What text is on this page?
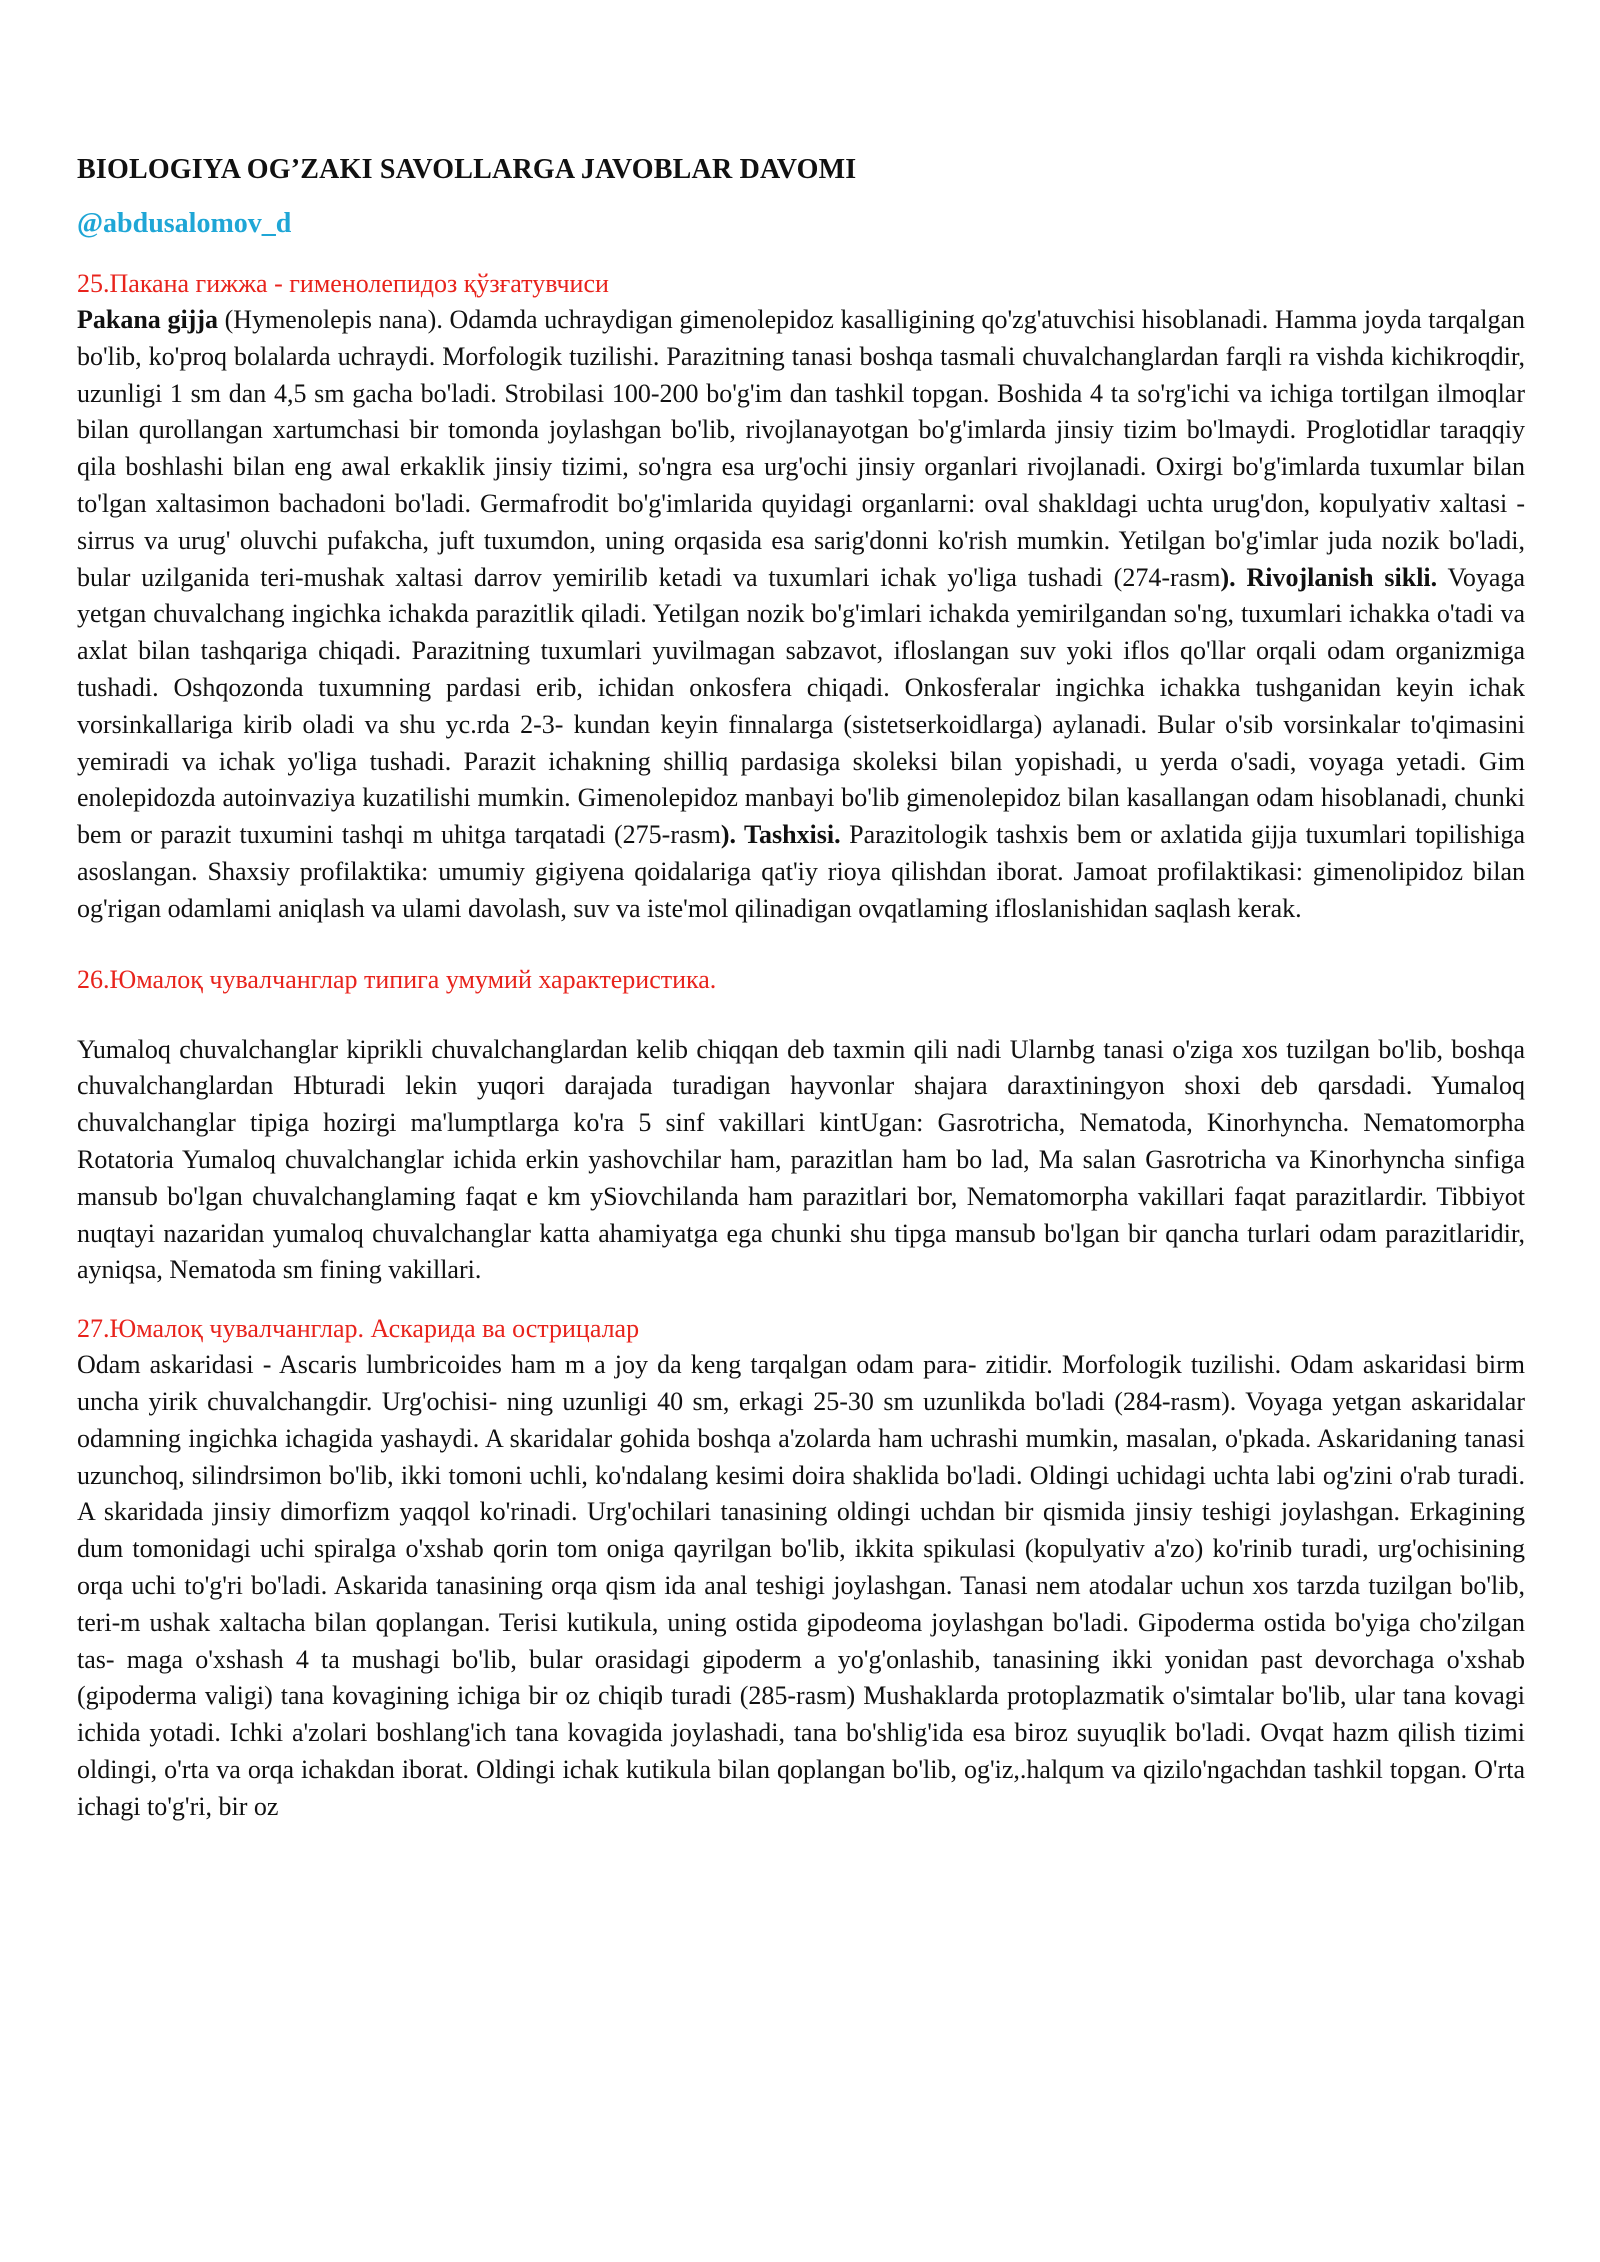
BIOLOGIYA OG’ZAKI SAVOLLARGA JAVOBLAR DAVOMI
@abdusalomov_d
25.Пакана гижжа - гименолепидоз қўзғатувчиси

Pakana gijja (Hymenolepis nana). Odamda uchraydigan gimenolepidoz kasalligining qo'zg'atuvchisi hisoblanadi. Hamma joyda tarqalgan bo'lib, ko'proq bolalarda uchraydi. Morfologik tuzilishi. Parazitning tanasi boshqa tasmali chuvalchanglardan farqli ra vishda kichikroqdir, uzunligi 1 sm dan 4,5 sm gacha bo'ladi. Strobilasi 100-200 bo'g'im dan tashkil topgan. Boshida 4 ta so'rg'ichi va ichiga tortilgan ilmoqlar bilan qurollangan xartumchasi bir tomonda joylashgan bo'lib, rivojlanayotgan bo'g'imlarda jinsiy tizim bo'lmaydi. Proglotidlar taraqqiy qila boshlashi bilan eng awal erkaklik jinsiy tizimi, so'ngra esa urg'ochi jinsiy organlari rivojlanadi. Oxirgi bo'g'imlarda tuxumlar bilan to'lgan xaltasimon bachadoni bo'ladi. Germafrodit bo'g'imlarida quyidagi organlarni: oval shakldagi uchta urug'don, kopulyativ xaltasi - sirrus va urug' oluvchi pufakcha, juft tuxumdon, uning orqasida esa sarig'donni ko'rish mumkin. Yetilgan bo'g'imlar juda nozik bo'ladi, bular uzilganida teri-mushak xaltasi darrov yemirilib ketadi va tuxumlari ichak yo'liga tushadi (274-rasm). Rivojlanish sikli. Voyaga yetgan chuvalchang ingichka ichakda parazitlik qiladi. Yetilgan nozik bo'g'imlari ichakda yemirilgandan so'ng, tuxumlari ichakka o'tadi va axlat bilan tashqariga chiqadi. Parazitning tuxumlari yuvilmagan sabzavot, ifloslangan suv yoki iflos qo'llar orqali odam organizmiga tushadi. Oshqozonda tuxumning pardasi erib, ichidan onkosfera chiqadi. Onkosferalar ingichka ichakka tushganidan keyin ichak vorsinkallariga kirib oladi va shu yc.rda 2-3- kundan keyin finnalarga (sistetserkoidlarga) aylanadi. Bular o'sib vorsinkalar to'qimasini yemiradi va ichak yo'liga tushadi. Parazit ichakning shilliq pardasiga skoleksi bilan yopishadi, u yerda o'sadi, voyaga yetadi. Gim enolepidozda autoinvaziya kuzatilishi mumkin. Gimenolepidoz manbayi bo'lib gimenolepidoz bilan kasallangan odam hisoblanadi, chunki bem or parazit tuxumini tashqi m uhitga tarqatadi (275-rasm). Tashxisi. Parazitologik tashxis bem or axlatida gijja tuxumlari topilishiga asoslangan. Shaxsiy profilaktika: umumiy gigiyena qoidalariga qat'iy rioya qilishdan iborat. Jamoat profilaktikasi: gimenolipidoz bilan og'rigan odamlami aniqlash va ulami davolash, suv va iste'mol qilinadigan ovqatlaming ifloslanishidan saqlash kerak.

26.Юмалоқ чувалчанглар типига умумий характеристика.

Yumaloq chuvalchanglar kiprikli chuvalchanglardan kelib chiqqan deb taxmin qili nadi Ularnbg tanasi o'ziga xos tuzilgan bo'lib, boshqa chuvalchanglardan Hbturadi lekin yuqori darajada turadigan hayvonlar shajara daraxtiningyon shoxi deb qarsdadi. Yumaloq chuvalchanglar tipiga hozirgi ma'lumptlarga ko'ra 5 sinf vakillari kintUgan: Gasrotricha, Nematoda, Kinorhyncha. Nematomorpha Rotatoria Yumaloq chuvalchanglar ichida erkin yashovchilar ham, parazitlan ham bo lad, Ma salan Gasrotricha va Kinorhyncha sinfiga mansub bo'lgan chuvalchanglaming faqat e km ySiovchilanda ham parazitlari bor, Nematomorpha vakillari faqat parazitlardir. Tibbiyot nuqtayi nazaridan yumaloq chuvalchanglar katta ahamiyatga ega chunki shu tipga mansub bo'lgan bir qancha turlari odam parazitlaridir, ayniqsa, Nematoda sm fining vakillari.

27.Юмалоқ чувалчанглар. Аскарида ва острицалар

Odam askaridasi - Ascaris lumbricoides ham m a joy da keng tarqalgan odam para- zitidir. Morfologik tuzilishi. Odam askaridasi birm uncha yirik chuvalchangdir. Urg'ochisi- ning uzunligi 40 sm, erkagi 25-30 sm uzunlikda bo'ladi (284-rasm). Voyaga yetgan askaridalar odamning ingichka ichagida yashaydi. A skaridalar gohida boshqa a'zolarda ham uchrashi mumkin, masalan, o'pkada. Askaridaning tanasi uzunchoq, silindrsimon bo'lib, ikki tomoni uchli, ko'ndalang kesimi doira shaklida bo'ladi. Oldingi uchidagi uchta labi og'zini o'rab turadi. A skaridada jinsiy dimorfizm yaqqol ko'rinadi. Urg'ochilari tanasining oldingi uchdan bir qismida jinsiy teshigi joylashgan. Erkagining dum tomonidagi uchi spiralga o'xshab qorin tom oniga qayrilgan bo'lib, ikkita spikulasi (kopulyativ a'zo) ko'rinib turadi, urg'ochisining orqa uchi to'g'ri bo'ladi. Askarida tanasining orqa qism ida anal teshigi joylashgan. Tanasi nem atodalar uchun xos tarzda tuzilgan bo'lib, teri-m ushak xaltacha bilan qoplangan. Terisi kutikula, uning ostida gipodeoma joylashgan bo'ladi. Gipoderma ostida bo'yiga cho'zilgan tas- maga o'xshash 4 ta mushagi bo'lib, bular orasidagi gipoderm a yo'g'onlashib, tanasining ikki yonidan past devorchaga o'xshab (gipoderma valigi) tana kovagining ichiga bir oz chiqib turadi (285-rasm) Mushaklarda protoplazmatik o'simtalar bo'lib, ular tana kovagi ichida yotadi. Ichki a'zolari boshlang'ich tana kovagida joylashadi, tana bo'shlig'ida esa biroz suyuqlik bo'ladi. Ovqat hazm qilish tizimi oldingi, o'rta va orqa ichakdan iborat. Oldingi ichak kutikula bilan qoplangan bo'lib, og'iz,.halqum va qizilo'ngachdan tashkil topgan. O'rta ichagi to'g'ri, bir oz
